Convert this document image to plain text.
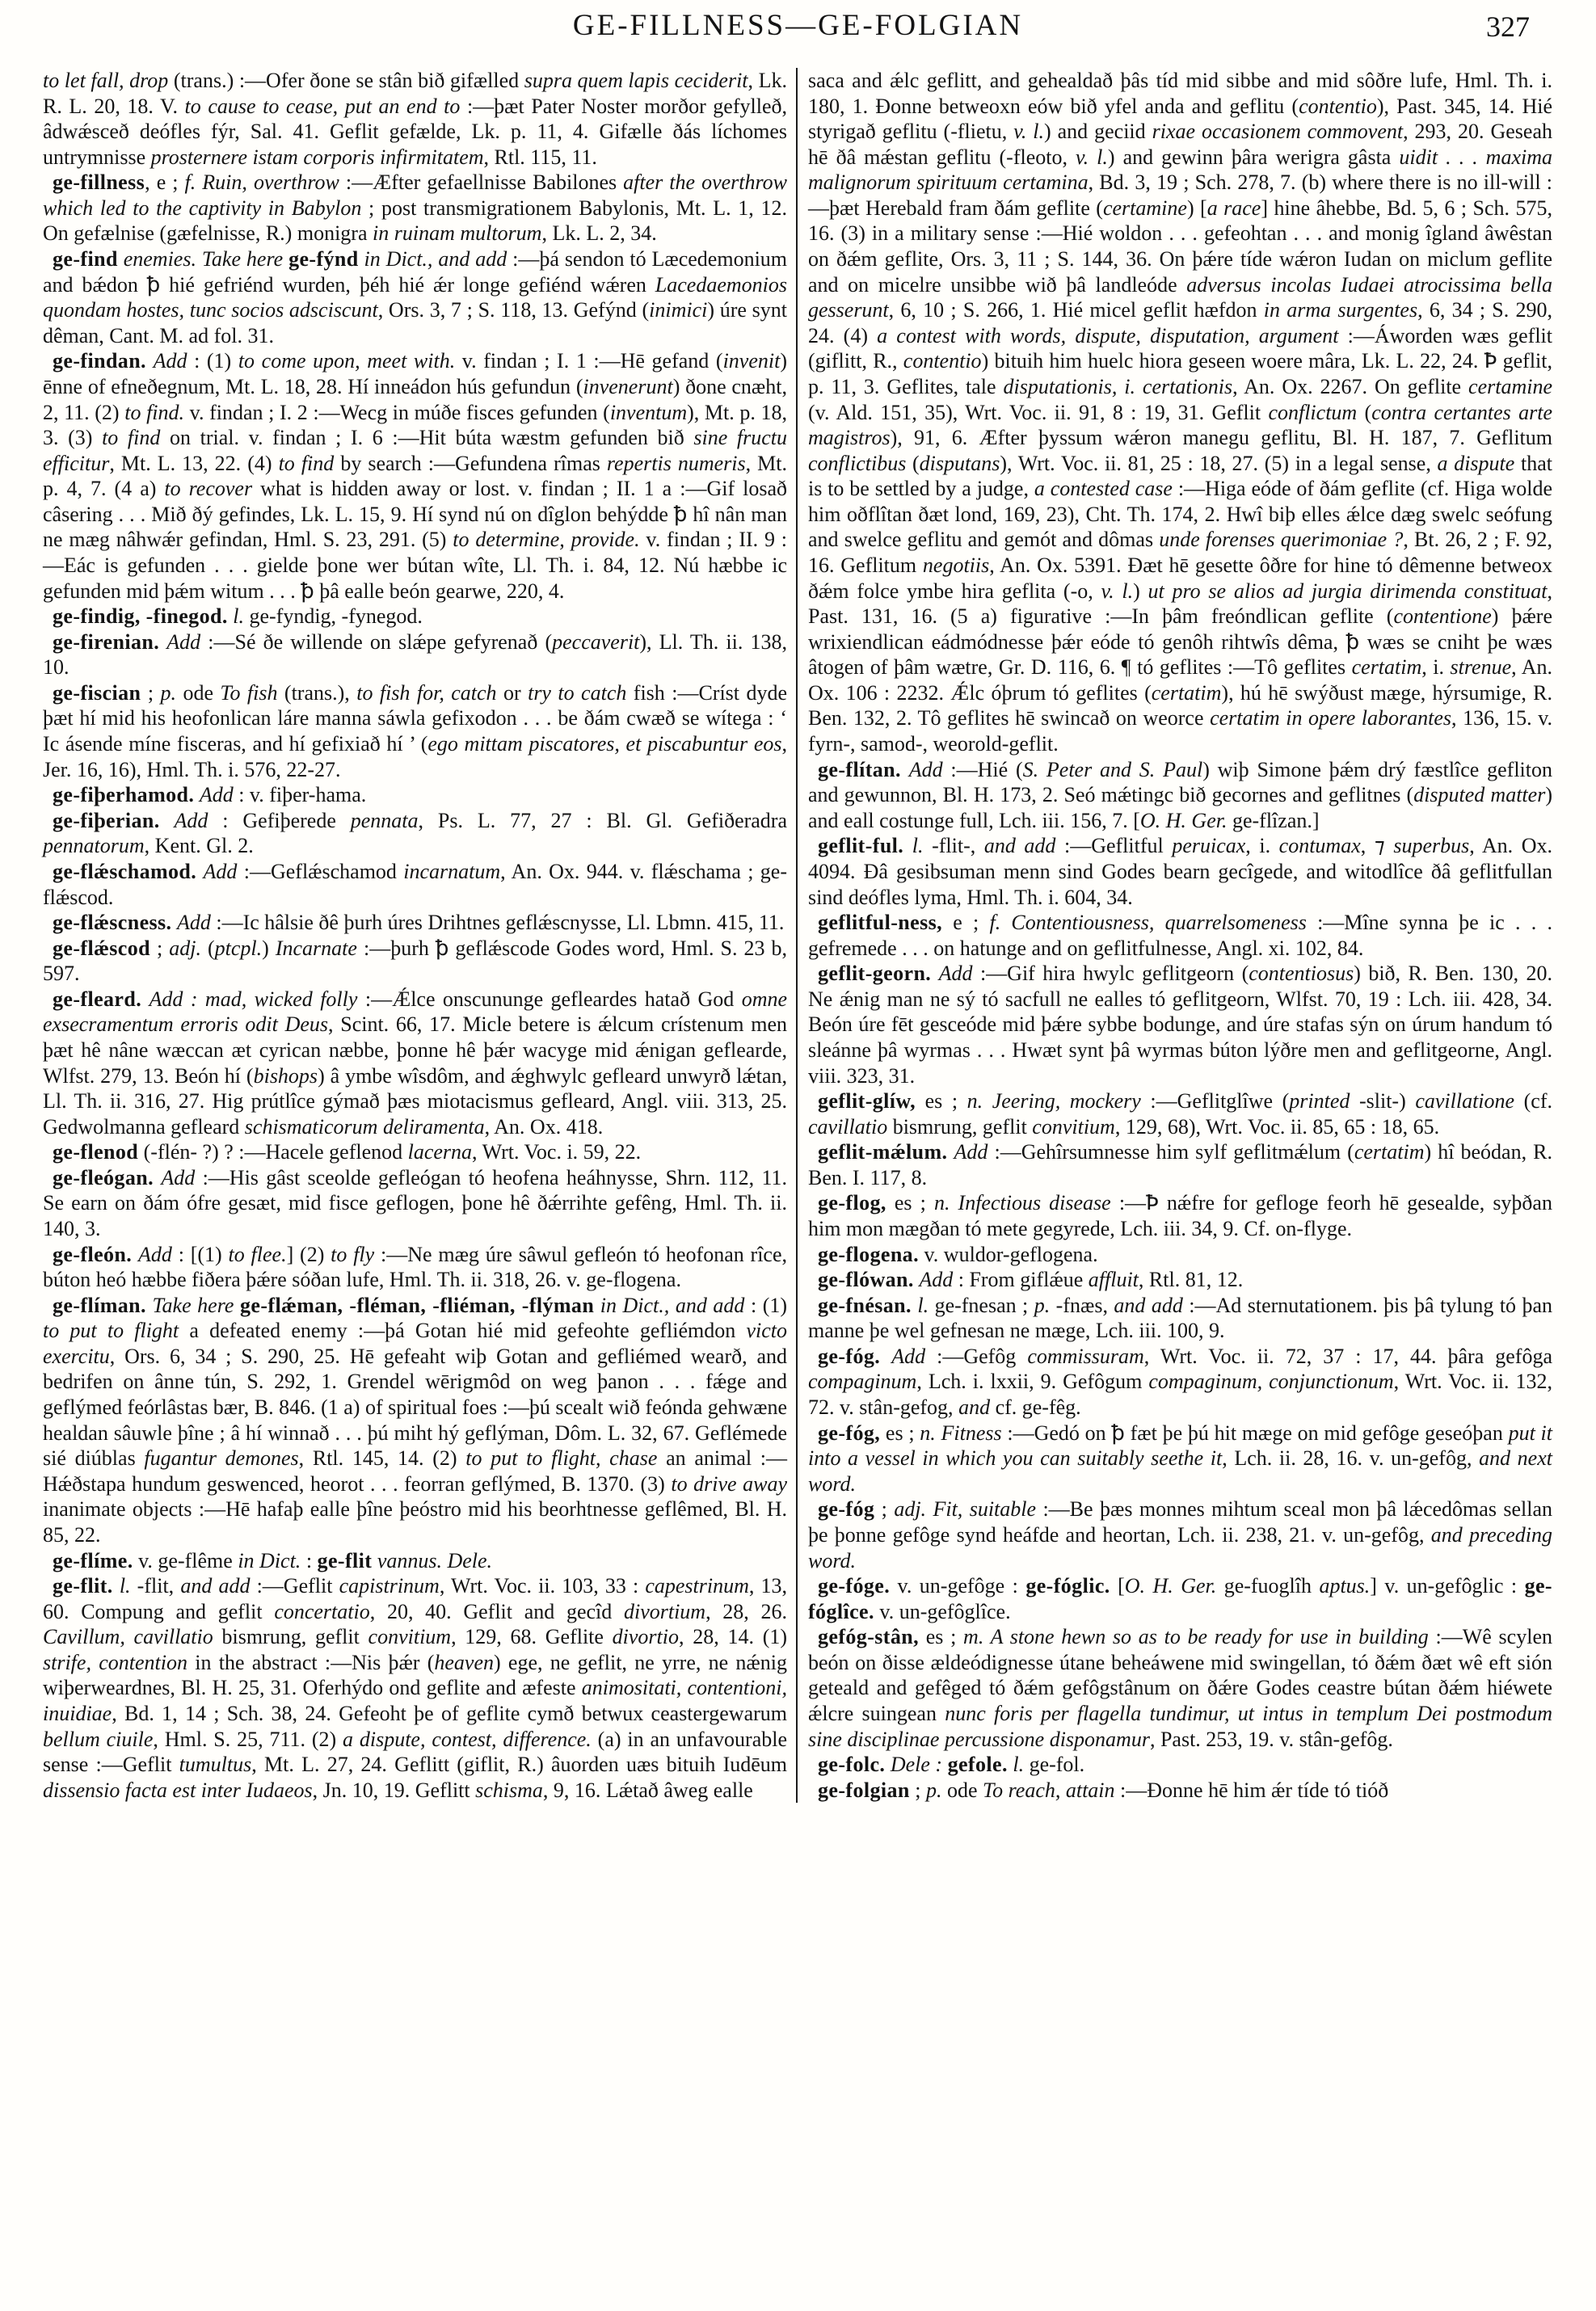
GE-FILLNESS—GE-FOLGIAN	327

to let fall, drop (trans.) :—Ofer ðone se stân bið gifælled supra quem lapis ceciderit, Lk. R. L. 20, 18. V. to cause to cease, put an end to :—þæt Pater Noster morðor gefylleð, âdwǽsceð deófles fýr, Sal. 41. Geflit gefælde, Lk. p. 11, 4. Gifælle ðás líchomes untrymnisse prosternere istam corporis infirmitatem, Rtl. 115, 11.

ge-fillness, e ; f. Ruin, overthrow :—Æfter gefaellnisse Babilones after the overthrow which led to the captivity in Babylon ; post transmigrationem Babylonis, Mt. L. 1, 12. On gefælnise (gæfelnisse, R.) monigra in ruinam multorum, Lk. L. 2, 34.

ge-find enemies. Take here ge-fýnd in Dict., and add :—þá sendon tó Læcedemonium and bǽdon ꝥ hié gefriénd wurden, þéh hié ǽr longe gefiénd wǽren Lacedaemonios quondam hostes, tunc socios adsciscunt, Ors. 3, 7 ; S. 118, 13. Gefýnd (inimici) úre synt dêman, Cant. M. ad fol. 31.

ge-findan. Add : (1) to come upon, meet with. v. findan ; I. 1 :—Hē gefand (invenit) ēnne of efneðegnum, Mt. L. 18, 28. Hí inneádon hús gefundun (invenerunt) ðone cnæht, 2, 11. (2) to find. v. findan ; I. 2 :—Wecg in múðe fisces gefunden (inventum), Mt. p. 18, 3. (3) to find on trial. v. findan ; I. 6 :—Hit búta wæstm gefunden bið sine fructu efficitur, Mt. L. 13, 22. (4) to find by search :—Gefundena rîmas repertis numeris, Mt. p. 4, 7. (4 a) to recover what is hidden away or lost. v. findan ; II. 1 a :—Gif losað câsering . . . Mið ðý gefindes, Lk. L. 15, 9. Hí synd nú on dîglon behýdde ꝥ hî nân man ne mæg nâhwǽr gefindan, Hml. S. 23, 291. (5) to determine, provide. v. findan ; II. 9 :—Eác is gefunden . . . gielde þone wer bútan wîte, Ll. Th. i. 84, 12. Nú hæbbe ic gefunden mid þǽm witum . . . ꝥ þâ ealle beón gearwe, 220, 4.

ge-findig, -finegod. l. ge-fyndig, -fynegod.

ge-firenian. Add :—Sé ðe willende on slǽpe gefyrenað (peccaverit), Ll. Th. ii. 138, 10.

ge-fiscian ; p. ode To fish (trans.), to fish for, catch or try to catch fish :—Críst dyde þæt hí mid his heofonlican láre manna sáwla gefixodon . . . be ðám cwæð se wítega : ‘ Ic ásende míne fisceras, and hí gefixiað hí ’ (ego mittam piscatores, et piscabuntur eos, Jer. 16, 16), Hml. Th. i. 576, 22-27.

ge-fiþerhamod. Add : v. fiþer-hama.

ge-fiþerian. Add : Gefiþerede pennata, Ps. L. 77, 27 : Bl. Gl. Gefiðeradra pennatorum, Kent. Gl. 2.

ge-flǽschamod. Add :—Geflǽschamod incarnatum, An. Ox. 944. v. flǽschama ; ge-flǽscod.

ge-flǽscness. Add :—Ic hâlsie ðê þurh úres Drihtnes geflǽscnysse, Ll. Lbmn. 415, 11.

ge-flǽscod ; adj. (ptcpl.) Incarnate :—þurh ꝥ geflǽscode Godes word, Hml. S. 23 b, 597.

ge-fleard. Add : mad, wicked folly :—Ǽlce onscununge gefleardes hatað God omne exsecramentum erroris odit Deus, Scint. 66, 17. Micle betere is ǽlcum crístenum men þæt hê nâne wæccan æt cyrican næbbe, þonne hê þǽr wacyge mid ǽnigan geflearde, Wlfst. 279, 13. Beón hí (bishops) â ymbe wîsdôm, and ǽghwylc gefleard unwyrð lǽtan, Ll. Th. ii. 316, 27. Hig prútlîce gýmað þæs miotacismus gefleard, Angl. viii. 313, 25. Gedwolmanna gefleard schismaticorum deliramenta, An. Ox. 418.

ge-flenod (-flén- ?) ? :—Hacele geflenod lacerna, Wrt. Voc. i. 59, 22.

ge-fleógan. Add :—His gâst sceolde gefleógan tó heofena heáhnysse, Shrn. 112, 11. Se earn on ðám ófre gesæt, mid fisce geflogen, þone hê ðǽrrihte gefêng, Hml. Th. ii. 140, 3.

ge-fleón. Add : [(1) to flee.] (2) to fly :—Ne mæg úre sâwul gefleón tó heofonan rîce, búton heó hæbbe fiðera þǽre sóðan lufe, Hml. Th. ii. 318, 26. v. ge-flogena.

ge-flíman. Take here ge-flǽman, -fléman, -fliéman, -flýman in Dict., and add : (1) to put to flight a defeated enemy :—þá Gotan hié mid gefeohte gefliémdon victo exercitu, Ors. 6, 34 ; S. 290, 25. Hē gefeaht wiþ Gotan and gefliémed wearð, and bedrifen on ânne tún, S. 292, 1. Grendel wērigmôd on weg þanon . . . fǽge and geflýmed feórlâstas bær, B. 846. (1 a) of spiritual foes :—þú scealt wið feónda gehwæne healdan sâuwle þîne ; â hí winnað . . . þú miht hý geflýman, Dôm. L. 32, 67. Geflémede sié diúblas fugantur demones, Rtl. 145, 14. (2) to put to flight, chase an animal :—Hǽðstapa hundum geswenced, heorot . . . feorran geflýmed, B. 1370. (3) to drive away inanimate objects :—Hē hafaþ ealle þîne þeóstro mid his beorhtnesse geflêmed, Bl. H. 85, 22.

ge-flíme. v. ge-flême in Dict. : ge-flit vannus. Dele.

ge-flit. l. -flit, and add :—Geflit capistrinum, Wrt. Voc. ii. 103, 33 : capestrinum, 13, 60. Compung and geflit concertatio, 20, 40. Geflit and gecîd divortium, 28, 26. Cavillum, cavillatio bismrung, geflit convitium, 129, 68. Geflite divortio, 28, 14. (1) strife, contention in the abstract :—Nis þǽr (heaven) ege, ne geflit, ne yrre, ne nǽnig wiþerweardnes, Bl. H. 25, 31. Oferhýdo ond geflite and æfeste animositati, contentioni, inuidiae, Bd. 1, 14 ; Sch. 38, 24. Gefeoht þe of geflite cymð betwux ceastergewarum bellum ciuile, Hml. S. 25, 711. (2) a dispute, contest, difference. (a) in an unfavourable sense :—Geflit tumultus, Mt. L. 27, 24. Geflitt (giflit, R.) âuorden uæs bituih Iudēum dissensio facta est inter Iudaeos, Jn. 10, 19. Geflitt schisma, 9, 16. Lǽtað âweg ealle

saca and ǽlc geflitt, and gehealdað þâs tíd mid sibbe and mid sôðre lufe, Hml. Th. i. 180, 1. Ðonne betweoxn eów bið yfel anda and geflitu (contentio), Past. 345, 14. Hié styrigað geflitu (-flietu, v. l.) and geciid rixae occasionem commovent, 293, 20. Geseah hē ðâ mǽstan geflitu (-fleoto, v. l.) and gewinn þâra werigra gâsta uidit . . . maxima malignorum spirituum certamina, Bd. 3, 19 ; Sch. 278, 7. (b) where there is no ill-will :—þæt Herebald fram ðám geflite (certamine) [a race] hine âhebbe, Bd. 5, 6 ; Sch. 575, 16. (3) in a military sense :—Hié woldon . . . gefeohtan . . . and monig îgland âwêstan on ðǽm geflite, Ors. 3, 11 ; S. 144, 36. On þǽre tíde wǽron Iudan on miclum geflite and on micelre unsibbe wið þâ landleóde adversus incolas Iudaei atrocissima bella gesserunt, 6, 10 ; S. 266, 1. Hié micel geflit hæfdon in arma surgentes, 6, 34 ; S. 290, 24. (4) a contest with words, dispute, disputation, argument :—Áworden wæs geflit (giflitt, R., contentio) bituih him huelc hiora geseen woere mâra, Lk. L. 22, 24. Ꝥ geflit, p. 11, 3. Geflites, tale disputationis, i. certationis, An. Ox. 2267. On geflite certamine (v. Ald. 151, 35), Wrt. Voc. ii. 91, 8 : 19, 31. Geflit conflictum (contra certantes arte magistros), 91, 6. Æfter þyssum wǽron manegu geflitu, Bl. H. 187, 7. Geflitum conflictibus (disputans), Wrt. Voc. ii. 81, 25 : 18, 27. (5) in a legal sense, a dispute that is to be settled by a judge, a contested case :—Higa eóde of ðám geflite (cf. Higa wolde him oðflîtan ðæt lond, 169, 23), Cht. Th. 174, 2. Hwî biþ elles ǽlce dæg swelc seófung and swelce geflitu and gemót and dômas unde forenses querimoniae ?, Bt. 26, 2 ; F. 92, 16. Geflitum negotiis, An. Ox. 5391. Ðæt hē gesette ôðre for hine tó dêmenne betweox ðǽm folce ymbe hira geflita (-o, v. l.) ut pro se alios ad jurgia dirimenda constituat, Past. 131, 16. (5 a) figurative :—In þâm freóndlican geflite (contentione) þǽre wrixiendlican eádmódnesse þǽr eóde tó genôh rihtwîs dêma, ꝥ wæs se cniht þe wæs âtogen of þâm wætre, Gr. D. 116, 6. ¶ tó geflites :—Tô geflites certatim, i. strenue, An. Ox. 106 : 2232. Ǽlc óþrum tó geflites (certatim), hú hē swýðust mæge, hýrsumige, R. Ben. 132, 2. Tô geflites hē swincað on weorce certatim in opere laborantes, 136, 15. v. fyrn-, samod-, weorold-geflit.

ge-flítan. Add :—Hié (S. Peter and S. Paul) wiþ Simone þǽm drý fæstlîce gefliton and gewunnon, Bl. H. 173, 2. Seó mǽtingc bið gecornes and geflitnes (disputed matter) and eall costunge full, Lch. iii. 156, 7. [O. H. Ger. ge-flîzan.]

geflit-ful. l. -flit-, and add :—Geflitful peruicax, i. contumax, ⁊ superbus, An. Ox. 4094. Ðâ gesibsuman menn sind Godes bearn gecîgede, and witodlîce ðâ geflitfullan sind deófles lyma, Hml. Th. i. 604, 34.

geflitful-ness, e ; f. Contentiousness, quarrelsomeness :—Mîne synna þe ic . . . gefremede . . . on hatunge and on geflitfulnesse, Angl. xi. 102, 84.

geflit-georn. Add :—Gif hira hwylc geflitgeorn (contentiosus) bið, R. Ben. 130, 20. Ne ǽnig man ne sý tó sacfull ne ealles tó geflitgeorn, Wlfst. 70, 19 : Lch. iii. 428, 34. Beón úre fēt gesceóde mid þǽre sybbe bodunge, and úre stafas sýn on úrum handum tó sleánne þâ wyrmas . . . Hwæt synt þâ wyrmas búton lýðre men and geflitgeorne, Angl. viii. 323, 31.

geflit-glíw, es ; n. Jeering, mockery :—Geflitglîwe (printed -slit-) cavillatione (cf. cavillatio bismrung, geflit convitium, 129, 68), Wrt. Voc. ii. 85, 65 : 18, 65.

geflit-mǽlum. Add :—Gehîrsumnesse him sylf geflitmǽlum (certatim) hî beódan, R. Ben. I. 117, 8.

ge-flog, es ; n. Infectious disease :—Ꝥ nǽfre for gefloge feorh hē gesealde, syþðan him mon mægðan tó mete gegyrede, Lch. iii. 34, 9. Cf. on-flyge.

ge-flogena. v. wuldor-geflogena.

ge-flówan. Add : From giflǽue affluit, Rtl. 81, 12.

ge-fnésan. l. ge-fnesan ; p. -fnæs, and add :—Ad sternutationem. þis þâ tylung tó þan manne þe wel gefnesan ne mæge, Lch. iii. 100, 9.

ge-fóg. Add :—Gefôg commissuram, Wrt. Voc. ii. 72, 37 : 17, 44. þâra gefôga compaginum, Lch. i. lxxii, 9. Gefôgum compaginum, conjunctionum, Wrt. Voc. ii. 132, 72. v. stân-gefog, and cf. ge-fêg.

ge-fóg, es ; n. Fitness :—Gedó on ꝥ fæt þe þú hit mæge on mid gefôge geseóþan put it into a vessel in which you can suitably seethe it, Lch. ii. 28, 16. v. un-gefôg, and next word.

ge-fóg ; adj. Fit, suitable :—Be þæs monnes mihtum sceal mon þâ lǽcedômas sellan þe þonne gefôge synd heáfde and heortan, Lch. ii. 238, 21. v. un-gefôg, and preceding word.

ge-fóge. v. un-gefôge : ge-fóglic. [O. H. Ger. ge-fuoglîh aptus.] v. un-gefôglic : ge-fóglîce. v. un-gefôglîce.

gefóg-stân, es ; m. A stone hewn so as to be ready for use in building :—Wê scylen beón on ðisse ældeódignesse útane beheáwene mid swingellan, tó ðǽm ðæt wê eft sión geteald and gefêged tó ðǽm gefôgstânum on ðǽre Godes ceastre bútan ðǽm hiéwete ǽlcre suingean nunc foris per flagella tundimur, ut intus in templum Dei postmodum sine disciplinae percussione disponamur, Past. 253, 19. v. stân-gefôg.

ge-folc. Dele : gefole. l. ge-fol.

ge-folgian ; p. ode To reach, attain :—Ðonne hē him ǽr tíde tó tióð
